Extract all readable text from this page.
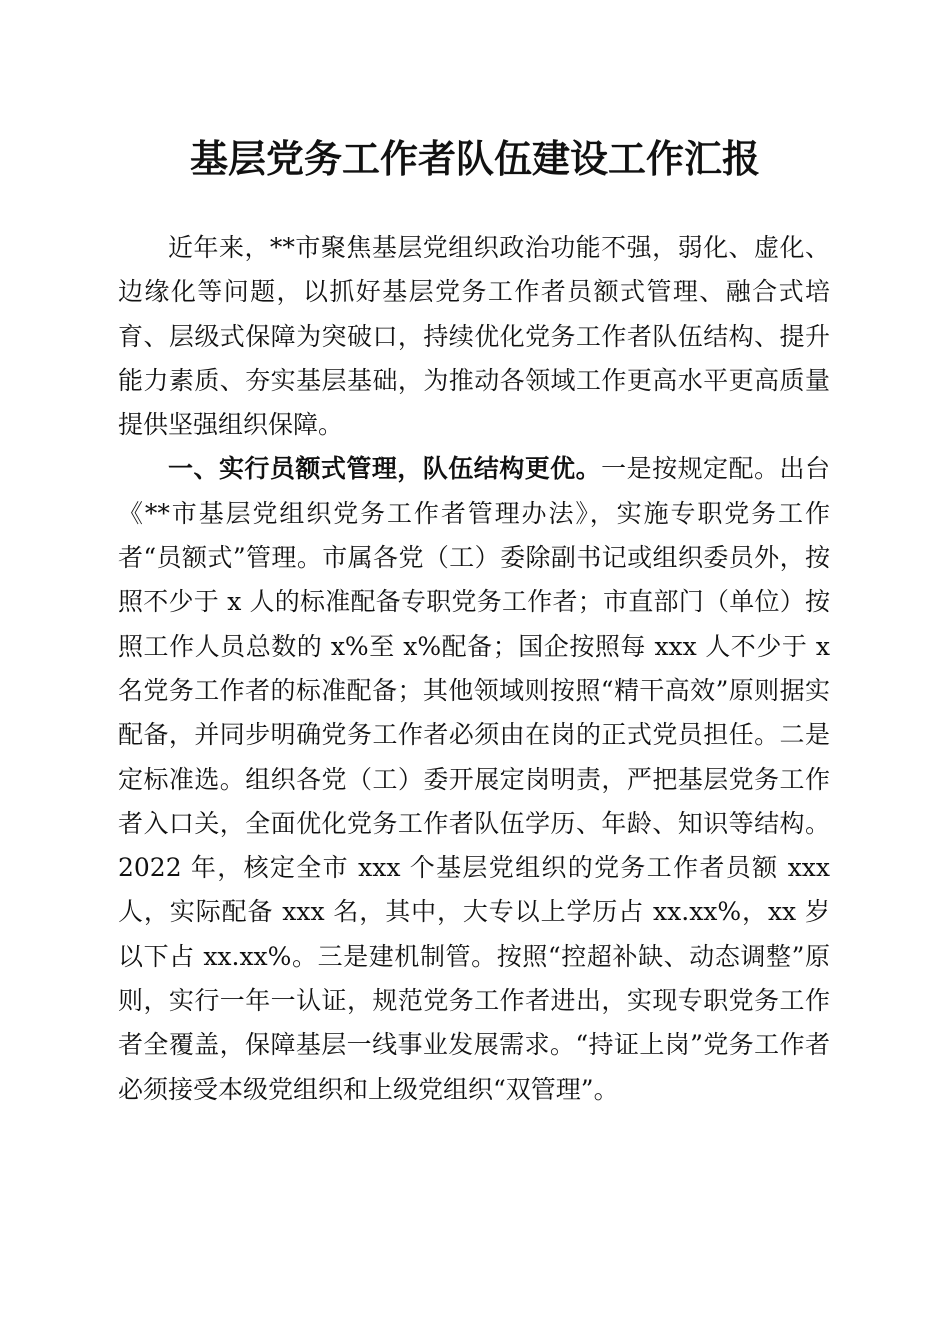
基层党务工作者队伍建设工作汇报

近年来，**市聚焦基层党组织政治功能不强，弱化、虚化、边缘化等问题，以抓好基层党务工作者员额式管理、融合式培育、层级式保障为突破口，持续优化党务工作者队伍结构、提升能力素质、夯实基层基础，为推动各领域工作更高水平更高质量提供坚强组织保障。

一、实行员额式管理，队伍结构更优。一是按规定配。出台《**市基层党组织党务工作者管理办法》，实施专职党务工作者“员额式”管理。市属各党（工）委除副书记或组织委员外，按照不少于 x 人的标准配备专职党务工作者；市直部门（单位）按照工作人员总数的 x%至 x%配备；国企按照每 xxx 人不少于 x 名党务工作者的标准配备；其他领域则按照“精干高效”原则据实配备，并同步明确党务工作者必须由在岗的正式党员担任。二是定标准选。组织各党（工）委开展定岗明责，严把基层党务工作者入口关，全面优化党务工作者队伍学历、年龄、知识等结构。2022 年，核定全市 xxx 个基层党组织的党务工作者员额 xxx 人，实际配备 xxx 名，其中，大专以上学历占 xx.xx%，xx 岁以下占 xx.xx%。三是建机制管。按照“控超补缺、动态调整”原则，实行一年一认证，规范党务工作者进出，实现专职党务工作者全覆盖，保障基层一线事业发展需求。“持证上岗”党务工作者必须接受本级党组织和上级党组织“双管理”。
